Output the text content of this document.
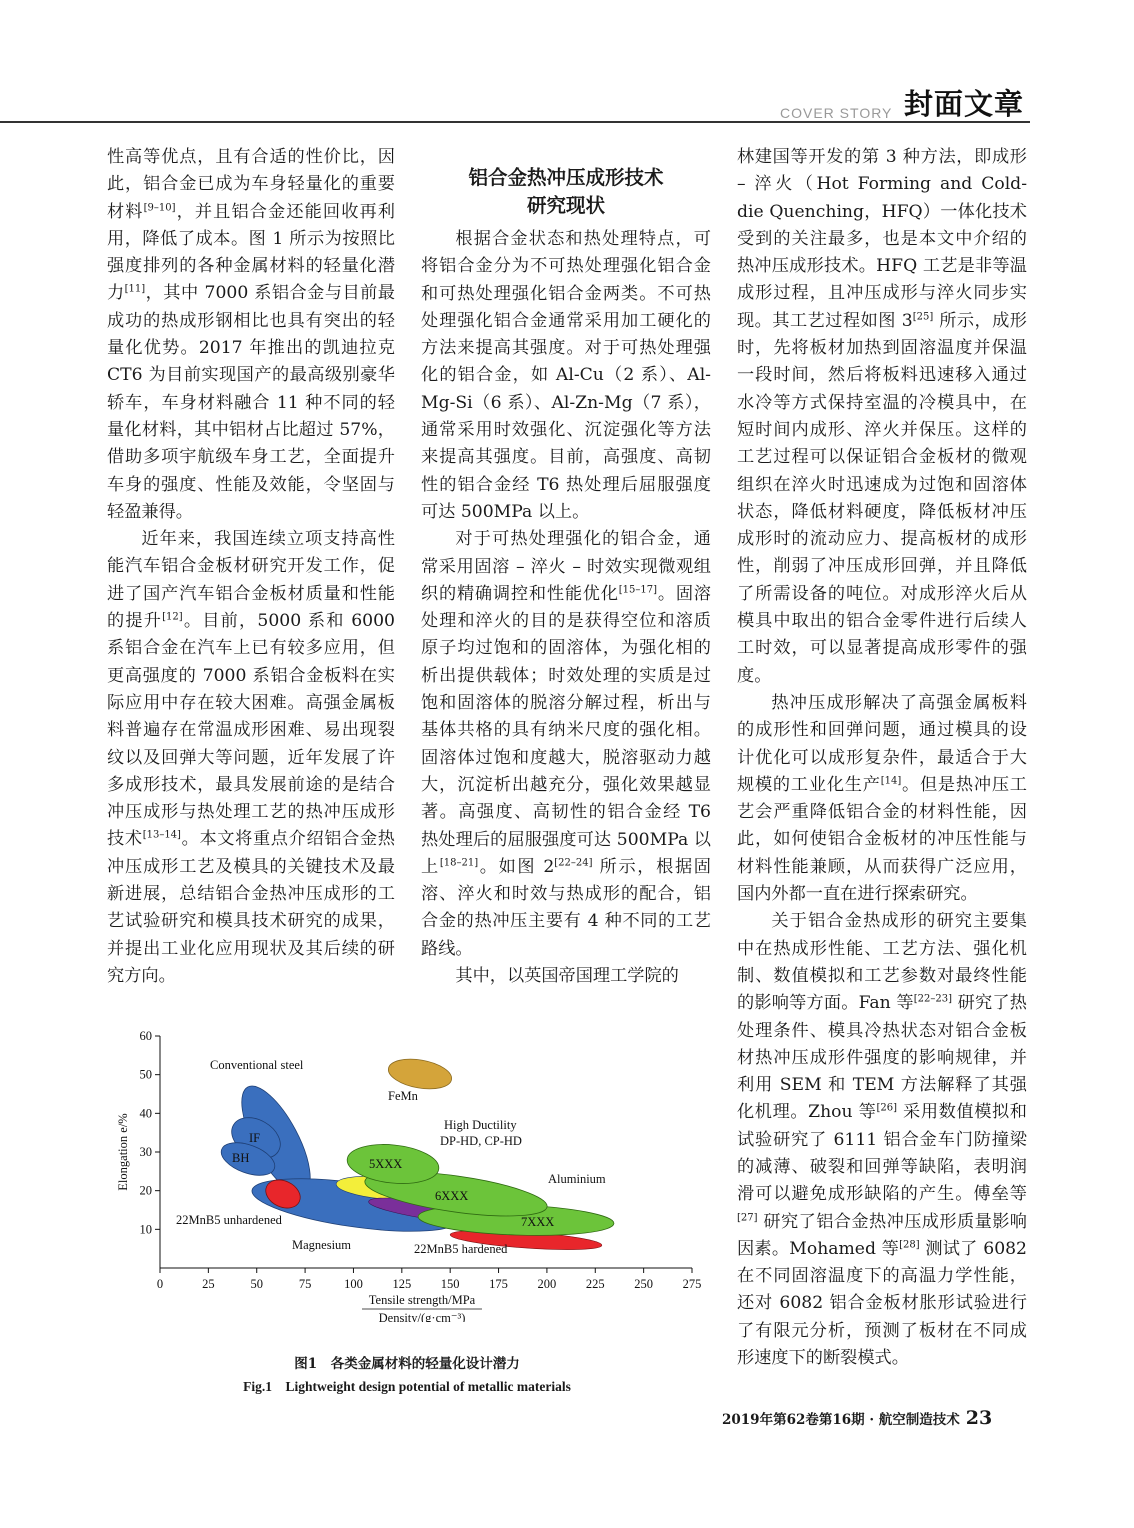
COVER STORY 封面文章

性高等优点，且有合适的性价比，因此，铝合金已成为车身轻量化的重要材料[9–10]，并且铝合金还能回收再利用，降低了成本。图 1 所示为按照比强度排列的各种金属材料的轻量化潜力[11]，其中 7000 系铝合金与目前最成功的热成形钢相比也具有突出的轻量化优势。2017 年推出的凯迪拉克 CT6 为目前实现国产的最高级别豪华轿车，车身材料融合 11 种不同的轻量化材料，其中铝材占比超过 57%，借助多项宇航级车身工艺，全面提升车身的强度、性能及效能，令坚固与轻盈兼得。

近年来，我国连续立项支持高性能汽车铝合金板材研究开发工作，促进了国产汽车铝合金板材质量和性能的提升[12]。目前，5000 系和 6000 系铝合金在汽车上已有较多应用，但更高强度的 7000 系铝合金板料在实际应用中存在较大困难。高强金属板料普遍存在常温成形困难、易出现裂纹以及回弹大等问题，近年发展了许多成形技术，最具发展前途的是结合冲压成形与热处理工艺的热冲压成形技术[13–14]。本文将重点介绍铝合金热冲压成形工艺及模具的关键技术及最新进展，总结铝合金热冲压成形的工艺试验研究和模具技术研究的成果，并提出工业化应用现状及其后续的研究方向。

铝合金热冲压成形技术
研究现状

根据合金状态和热处理特点，可将铝合金分为不可热处理强化铝合金和可热处理强化铝合金两类。不可热处理强化铝合金通常采用加工硬化的方法来提高其强度。对于可热处理强化的铝合金，如 Al-Cu（2 系）、Al-Mg-Si（6 系）、Al-Zn-Mg（7 系），通常采用时效强化、沉淀强化等方法来提高其强度。目前，高强度、高韧性的铝合金经 T6 热处理后屈服强度可达 500MPa 以上。

对于可热处理强化的铝合金，通常采用固溶 – 淬火 – 时效实现微观组织的精确调控和性能优化[15–17]。固溶处理和淬火的目的是获得空位和溶质原子均过饱和的固溶体，为强化相的析出提供载体；时效处理的实质是过饱和固溶体的脱溶分解过程，析出与基体共格的具有纳米尺度的强化相。固溶体过饱和度越大，脱溶驱动力越大，沉淀析出越充分，强化效果越显著。高强度、高韧性的铝合金经 T6 热处理后的屈服强度可达 500MPa 以上[18–21]。如图 2[22–24] 所示，根据固溶、淬火和时效与热成形的配合，铝合金的热冲压主要有 4 种不同的工艺路线。

其中，以英国帝国理工学院的

林建国等开发的第 3 种方法，即成形 – 淬火（Hot Forming and Cold-die Quenching，HFQ）一体化技术受到的关注最多，也是本文中介绍的热冲压成形技术。HFQ 工艺是非等温成形过程，且冲压成形与淬火同步实现。其工艺过程如图 3[25] 所示，成形时，先将板材加热到固溶温度并保温一段时间，然后将板料迅速移入通过水冷等方式保持室温的冷模具中，在短时间内成形、淬火并保压。这样的工艺过程可以保证铝合金板材的微观组织在淬火时迅速成为过饱和固溶体状态，降低材料硬度，降低板材冲压成形时的流动应力、提高板材的成形性，削弱了冲压成形回弹，并且降低了所需设备的吨位。对成形淬火后从模具中取出的铝合金零件进行后续人工时效，可以显著提高成形零件的强度。

热冲压成形解决了高强金属板料的成形性和回弹问题，通过模具的设计优化可以成形复杂件，最适合于大规模的工业化生产[14]。但是热冲压工艺会严重降低铝合金的材料性能，因此，如何使铝合金板材的冲压性能与材料性能兼顾，从而获得广泛应用，国内外都一直在进行探索研究。

关于铝合金热成形的研究主要集中在热成形性能、工艺方法、强化机制、数值模拟和工艺参数对最终性能的影响等方面。Fan 等[22–23] 研究了热处理条件、模具冷热状态对铝合金板材热冲压成形件强度的影响规律，并利用 SEM 和 TEM 方法解释了其强化机理。Zhou 等[26] 采用数值模拟和试验研究了 6111 铝合金车门防撞梁的减薄、破裂和回弹等缺陷，表明润滑可以避免成形缺陷的产生。傅垒等[27] 研究了铝合金热冲压成形质量影响因素。Mohamed 等[28] 测试了 6082 在不同固溶温度下的高温力学性能，还对 6082 铝合金板材胀形试验进行了有限元分析，预测了板材在不同成形速度下的断裂模式。

0	25	50	75	100 125 150 175 200 225 250 275
10
20
30
40
50
60
Conventional steel
IF
BH
FeMn
High Ductility
DP-HD, CP-HD
5XXX
6XXX
7XXX
Aluminium
22MnB5 unhardened
Magnesium	22MnB5 hardened
Tensile strength/MPa
Density/(g·cm⁻³)
Elongation e/%
图1　各类金属材料的轻量化设计潜力
Fig.1　Lightweight design potential of metallic materials
2019年第62卷第16期 · 航空制造技术 23
